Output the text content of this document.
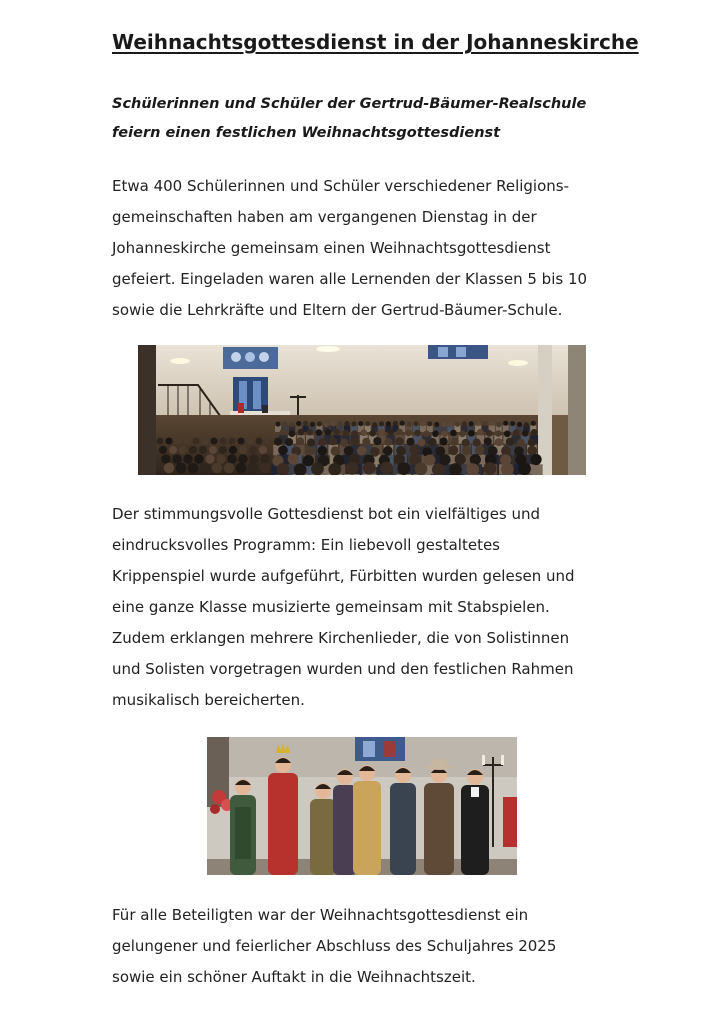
Weihnachtsgottesdienst in der Johanneskirche
Schülerinnen und Schüler der Gertrud-Bäumer-Realschule
feiern einen festlichen Weihnachtsgottesdienst

Etwa 400 Schülerinnen und Schüler verschiedener Religions-
gemeinschaften haben am vergangenen Dienstag in der
Johanneskirche gemeinsam einen Weihnachtsgottesdienst
gefeiert. Eingeladen waren alle Lernenden der Klassen 5 bis 10
sowie die Lehrkräfte und Eltern der Gertrud-Bäumer-Schule.

Der stimmungsvolle Gottesdienst bot ein vielfältiges und
eindrucksvolles Programm: Ein liebevoll gestaltetes
Krippenspiel wurde aufgeführt, Fürbitten wurden gelesen und
eine ganze Klasse musizierte gemeinsam mit Stabspielen.
Zudem erklangen mehrere Kirchenlieder, die von Solistinnen
und Solisten vorgetragen wurden und den festlichen Rahmen
musikalisch bereicherten.

Für alle Beteiligten war der Weihnachtsgottesdienst ein
gelungener und feierlicher Abschluss des Schuljahres 2025
sowie ein schöner Auftakt in die Weihnachtszeit.
